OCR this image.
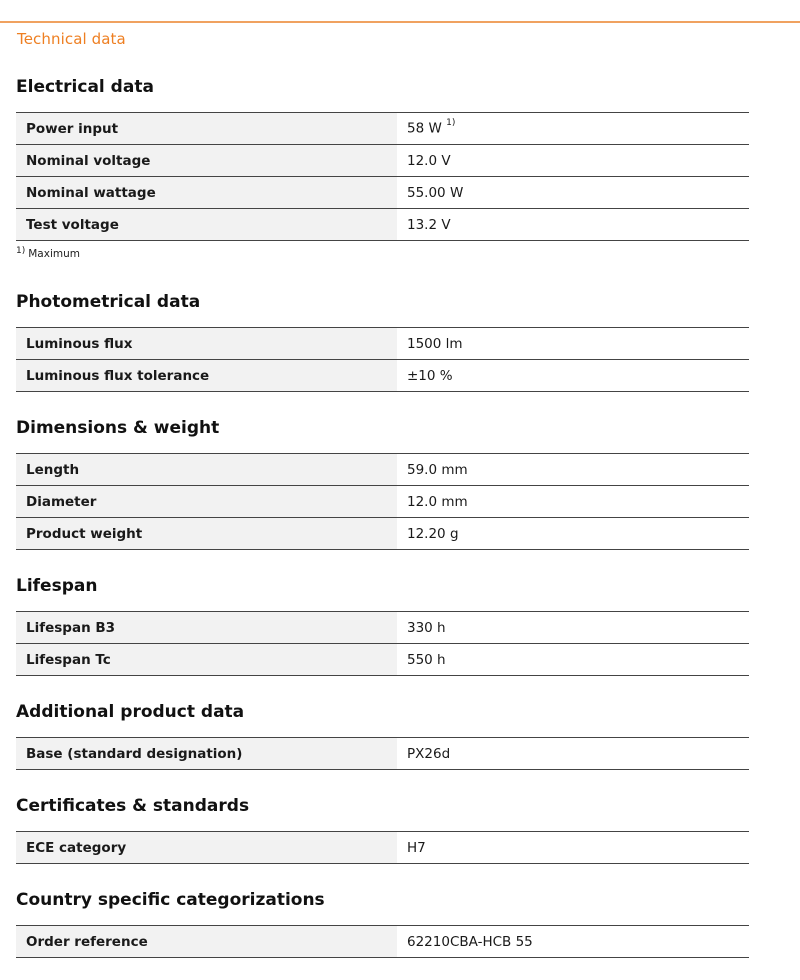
Technical data
Electrical data
Power input	58 W $^{1)}$
Nominal voltage	12.0 V
Nominal wattage	55.00 W
Test voltage	13.2 V
1) Maximum
Photometrical data
Luminous flux	1500 lm
Luminous flux tolerance	±10 %
Dimensions & weight
Length	59.0 mm
Diameter	12.0 mm
Product weight	12.20 g
Lifespan
Lifespan B3	330 h
Lifespan Tc	550 h
Additional product data
Base (standard designation)	PX26d
Certificates & standards
ECE category	H7
Country specific categorizations
Order reference	62210CBA-HCB 55
